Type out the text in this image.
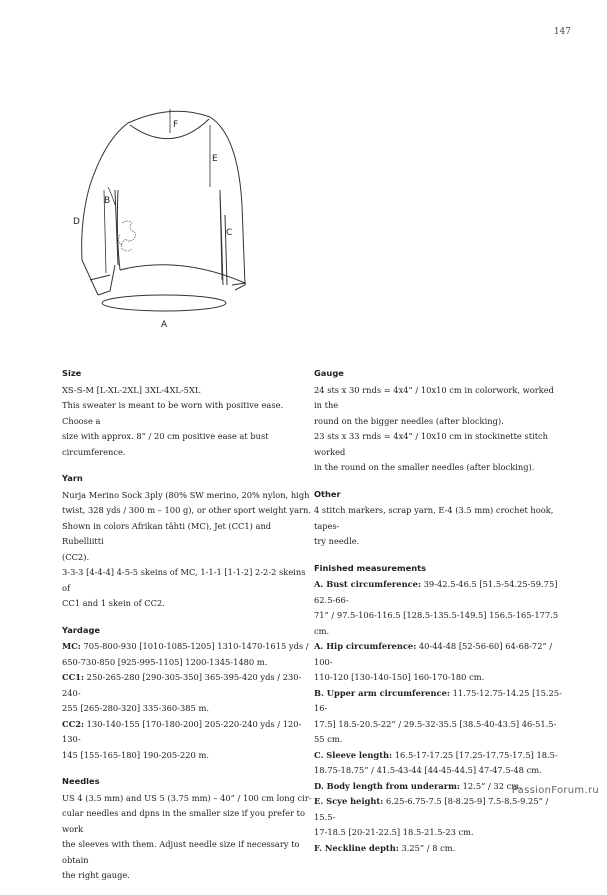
147
F
E
B
D
C
A
Size
XS-S-M [L-XL-2XL] 3XL-4XL-5XL
This sweater is meant to be worn with positive ease. Choose a
size with approx. 8” / 20 cm positive ease at bust circumference.
Yarn
Nurja Merino Sock 3ply (80% SW merino, 20% nylon, high
twist, 328 yds / 300 m – 100 g), or other sport weight yarn.
Shown in colors Afrikan tähti (MC), Jet (CC1) and Rubelliitti
(CC2).
3-3-3 [4-4-4] 4-5-5 skeins of MC, 1-1-1 [1-1-2] 2-2-2 skeins of
CC1 and 1 skein of CC2.
Yardage
MC: 705-800-930 [1010-1085-1205] 1310-1470-1615 yds /
650-730-850 [925-995-1105] 1200-1345-1480 m.
CC1: 250-265-280 [290-305-350] 365-395-420 yds / 230-240-
255 [265-280-320] 335-360-385 m.
CC2: 130-140-155 [170-180-200] 205-220-240 yds / 120-130-
145 [155-165-180] 190-205-220 m.
Needles
US 4 (3.5 mm) and US 5 (3.75 mm) – 40” / 100 cm long cir-
cular needles and dpns in the smaller size if you prefer to work
the sleeves with them. Adjust needle size if necessary to obtain
the right gauge.
Gauge
24 sts x 30 rnds = 4x4” / 10x10 cm in colorwork, worked in the
round on the bigger needles (after blocking).
23 sts x 33 rnds = 4x4” / 10x10 cm in stockinette stitch worked
in the round on the smaller needles (after blocking).
Other
4 stitch markers, scrap yarn, E-4 (3.5 mm) crochet hook, tapes-
try needle.
Finished measurements
A. Bust circumference: 39-42.5-46.5 [51.5-54.25-59.75] 62.5-66-
71” / 97.5-106-116.5 [128.5-135.5-149.5] 156.5-165-177.5 cm.
A. Hip circumference: 40-44-48 [52-56-60] 64-68-72” / 100-
110-120 [130-140-150] 160-170-180 cm.
B. Upper arm circumference: 11.75-12.75-14.25 [15.25-16-
17.5] 18.5-20.5-22” / 29.5-32-35.5 [38.5-40-43.5] 46-51.5-55 cm.
C. Sleeve length: 16.5-17-17.25 [17.25-17.75-17.5] 18.5-
18.75-18.75” / 41.5-43-44 [44-45-44.5] 47-47.5-48 cm.
D. Body length from underarm: 12.5” / 32 cm.
E. Scye height: 6.25-6.75-7.5 [8-8.25-9] 7.5-8.5-9.25” / 15.5-
17-18.5 [20-21-22.5] 18.5-21.5-23 cm.
F. Neckline depth: 3.25” / 8 cm.
PassionForum.ru
